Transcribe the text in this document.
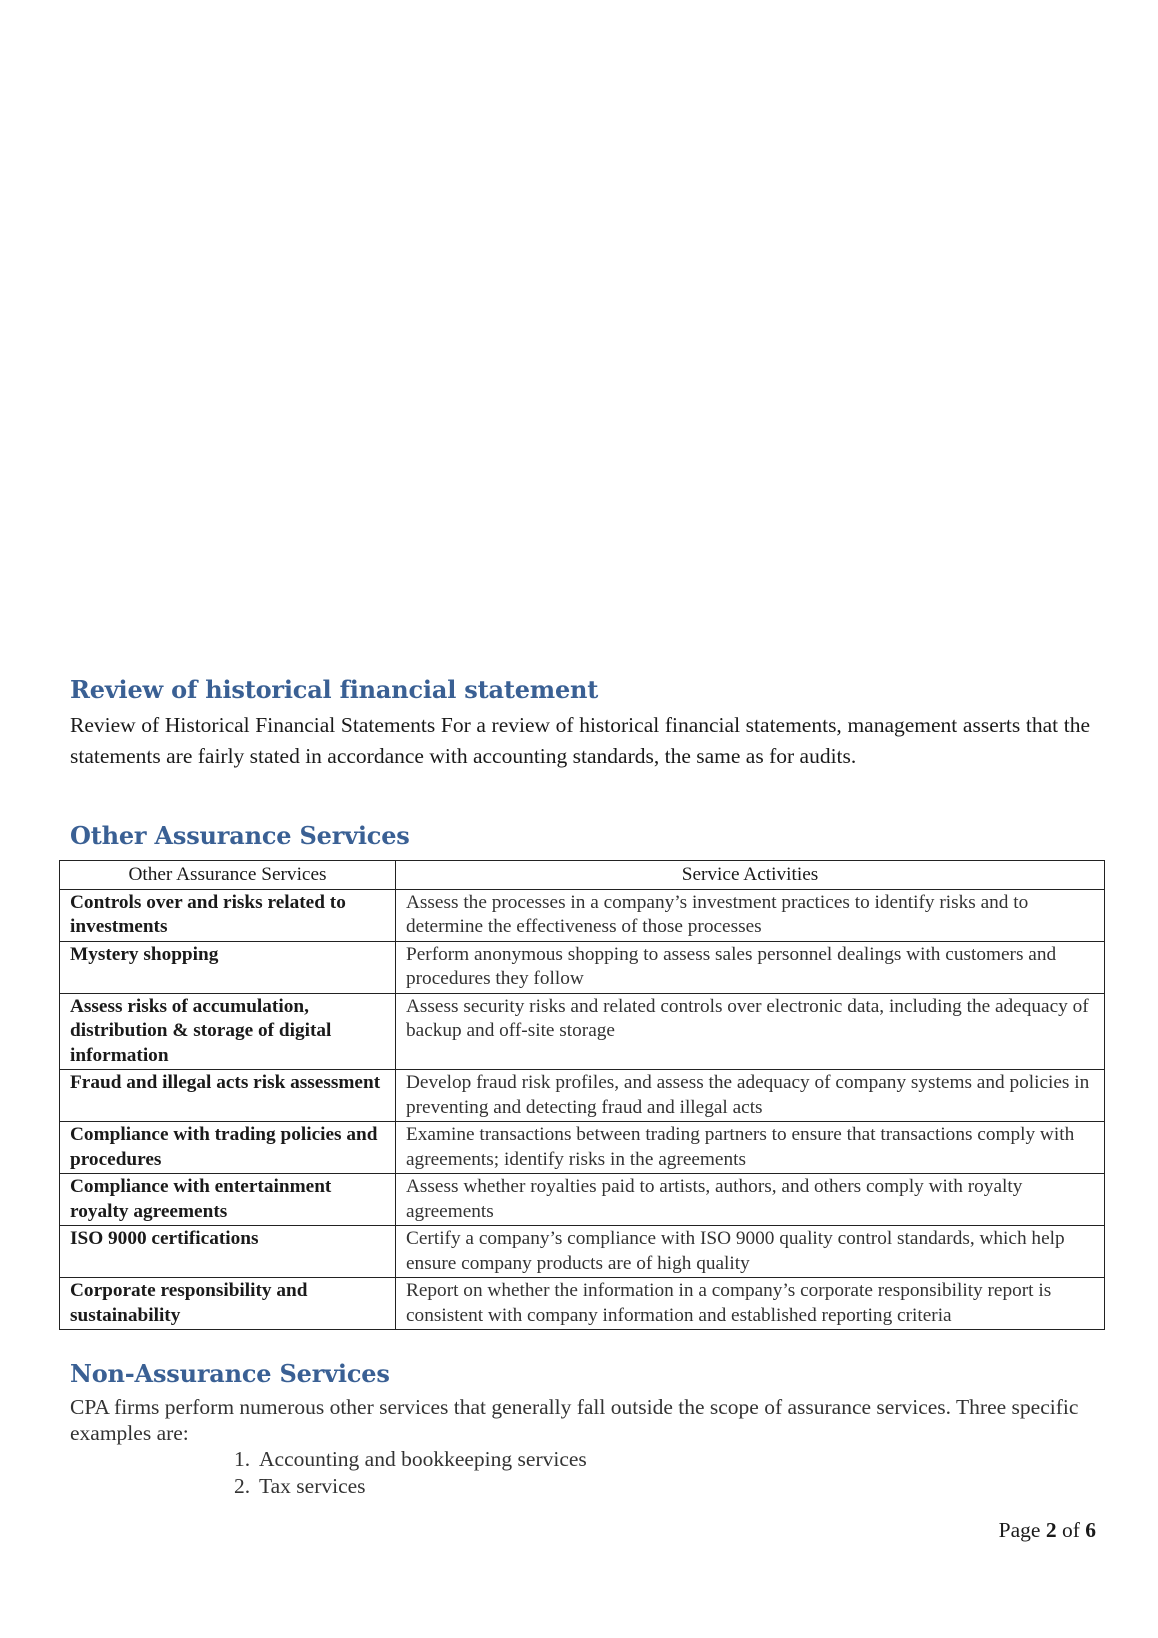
Review of historical financial statement

Review of Historical Financial Statements For a review of historical financial statements, management asserts that the statements are fairly stated in accordance with accounting standards, the same as for audits.

Other Assurance Services
Other Assurance Services	Service Activities
Controls over and risks related to investments	Assess the processes in a company’s investment practices to identify risks and to determine the effectiveness of those processes
Mystery shopping	Perform anonymous shopping to assess sales personnel dealings with customers and procedures they follow
Assess risks of accumulation, distribution & storage of digital information	Assess security risks and related controls over electronic data, including the adequacy of backup and off-site storage
Fraud and illegal acts risk assessment	Develop fraud risk profiles, and assess the adequacy of company systems and policies in preventing and detecting fraud and illegal acts
Compliance with trading policies and procedures	Examine transactions between trading partners to ensure that transactions comply with agreements; identify risks in the agreements
Compliance with entertainment royalty agreements	Assess whether royalties paid to artists, authors, and others comply with royalty agreements
ISO 9000 certifications	Certify a company’s compliance with ISO 9000 quality control standards, which help ensure company products are of high quality
Corporate responsibility and sustainability	Report on whether the information in a company’s corporate responsibility report is consistent with company information and established reporting criteria
Non-Assurance Services

CPA firms perform numerous other services that generally fall outside the scope of assurance services. Three specific examples are:

1. Accounting and bookkeeping services
2. Tax services
Page 2 of 6
